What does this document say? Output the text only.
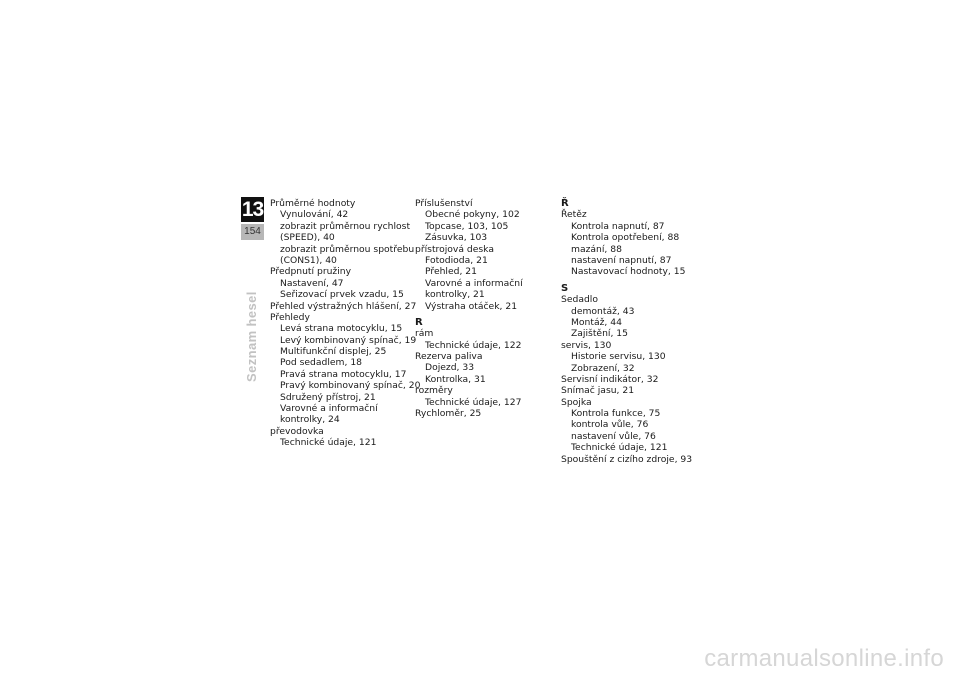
13
154
Seznam hesel
Průměrné hodnoty
Vynulování, 42
zobrazit průměrnou rychlost
(SPEED), 40
zobrazit průměrnou spotřebu
(CONS1), 40
Předpnutí pružiny
Nastavení, 47
Seřizovací prvek vzadu, 15
Přehled výstražných hlášení, 27
Přehledy
Levá strana motocyklu, 15
Levý kombinovaný spínač, 19
Multifunkční displej, 25
Pod sedadlem, 18
Pravá strana motocyklu, 17
Pravý kombinovaný spínač, 20
Sdružený přístroj, 21
Varovné a informační
kontrolky, 24
převodovka
Technické údaje, 121
Příslušenství
Obecné pokyny, 102
Topcase, 103, 105
Zásuvka, 103
přístrojová deska
Fotodioda, 21
Přehled, 21
Varovné a informační
kontrolky, 21
Výstraha otáček, 21
R
rám
Technické údaje, 122
Rezerva paliva
Dojezd, 33
Kontrolka, 31
rozměry
Technické údaje, 127
Rychloměr, 25
Ř
Řetěz
Kontrola napnutí, 87
Kontrola opotřebení, 88
mazání, 88
nastavení napnutí, 87
Nastavovací hodnoty, 15
S
Sedadlo
demontáž, 43
Montáž, 44
Zajištění, 15
servis, 130
Historie servisu, 130
Zobrazení, 32
Servisní indikátor, 32
Snímač jasu, 21
Spojka
Kontrola funkce, 75
kontrola vůle, 76
nastavení vůle, 76
Technické údaje, 121
Spouštění z cizího zdroje, 93
carmanualsonline.info
